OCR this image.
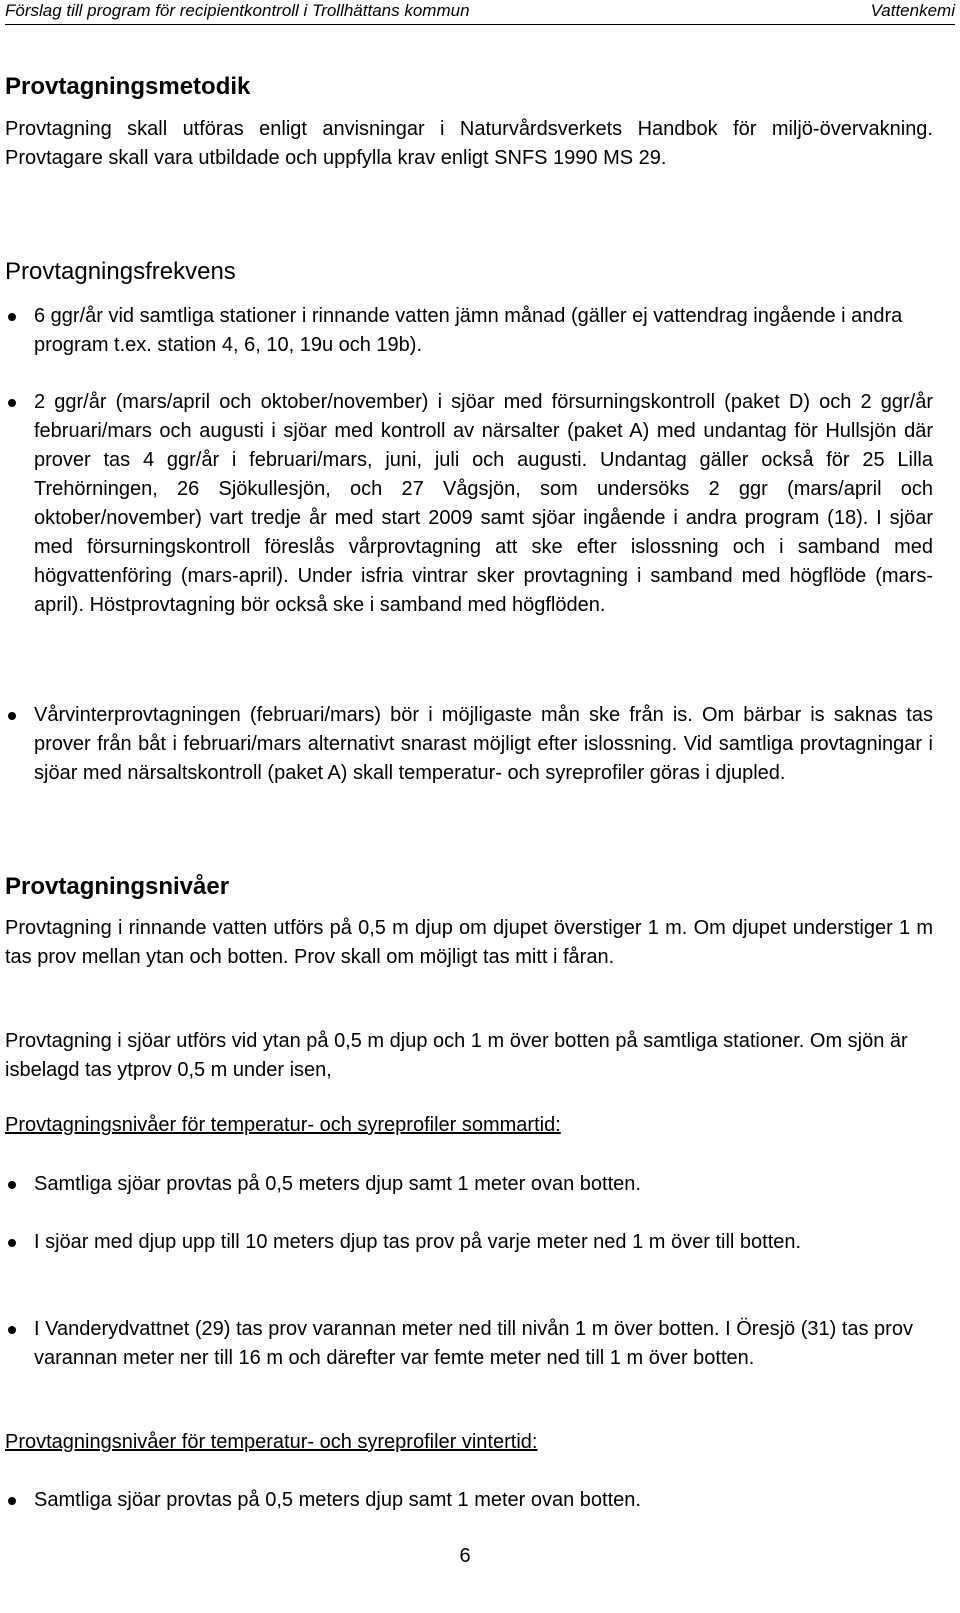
Förslag till program för recipientkontroll i Trollhättans kommun	Vattenkemi
Provtagningsmetodik

Provtagning skall utföras enligt anvisningar i Naturvårdsverkets Handbok för miljö-övervakning. Provtagare skall vara utbildade och uppfylla krav enligt SNFS 1990 MS 29.

Provtagningsfrekvens

6 ggr/år vid samtliga stationer i rinnande vatten jämn månad (gäller ej vattendrag ingående i andra program t.ex. station 4, 6, 10, 19u och 19b).

2 ggr/år (mars/april och oktober/november) i sjöar med försurningskontroll (paket D) och 2 ggr/år februari/mars och augusti i sjöar med kontroll av närsalter (paket A) med undantag för Hullsjön där prover tas 4 ggr/år i februari/mars, juni, juli och augusti. Undantag gäller också för 25 Lilla Trehörningen, 26 Sjökullesjön, och 27 Vågsjön, som undersöks 2 ggr (mars/april och oktober/november) vart tredje år med start 2009 samt sjöar ingående i andra program (18). I sjöar med försurningskontroll föreslås vårprovtagning att ske efter islossning och i samband med högvattenföring (mars-april). Under isfria vintrar sker provtagning i samband med högflöde (mars-april). Höstprovtagning bör också ske i samband med högflöden.

Vårvinterprovtagningen (februari/mars) bör i möjligaste mån ske från is. Om bärbar is saknas tas prover från båt i februari/mars alternativt snarast möjligt efter islossning. Vid samtliga provtagningar i sjöar med närsaltskontroll (paket A) skall temperatur- och syreprofiler göras i djupled.

Provtagningsnivåer

Provtagning i rinnande vatten utförs på 0,5 m djup om djupet överstiger 1 m. Om djupet understiger 1 m tas prov mellan ytan och botten. Prov skall om möjligt tas mitt i fåran.

Provtagning i sjöar utförs vid ytan på 0,5 m djup och 1 m över botten på samtliga stationer. Om sjön är isbelagd tas ytprov 0,5 m under isen,

Provtagningsnivåer för temperatur- och syreprofiler sommartid:

Samtliga sjöar provtas på 0,5 meters djup samt 1 meter ovan botten.

I sjöar med djup upp till 10 meters djup tas prov på varje meter ned 1 m över till botten.

I Vanderydvattnet (29) tas prov varannan meter ned till nivån 1 m över botten. I Öresjö (31) tas prov varannan meter ner till 16 m och därefter var femte meter ned till 1 m över botten.

Provtagningsnivåer för temperatur- och syreprofiler vintertid:

Samtliga sjöar provtas på 0,5 meters djup samt 1 meter ovan botten.

6
